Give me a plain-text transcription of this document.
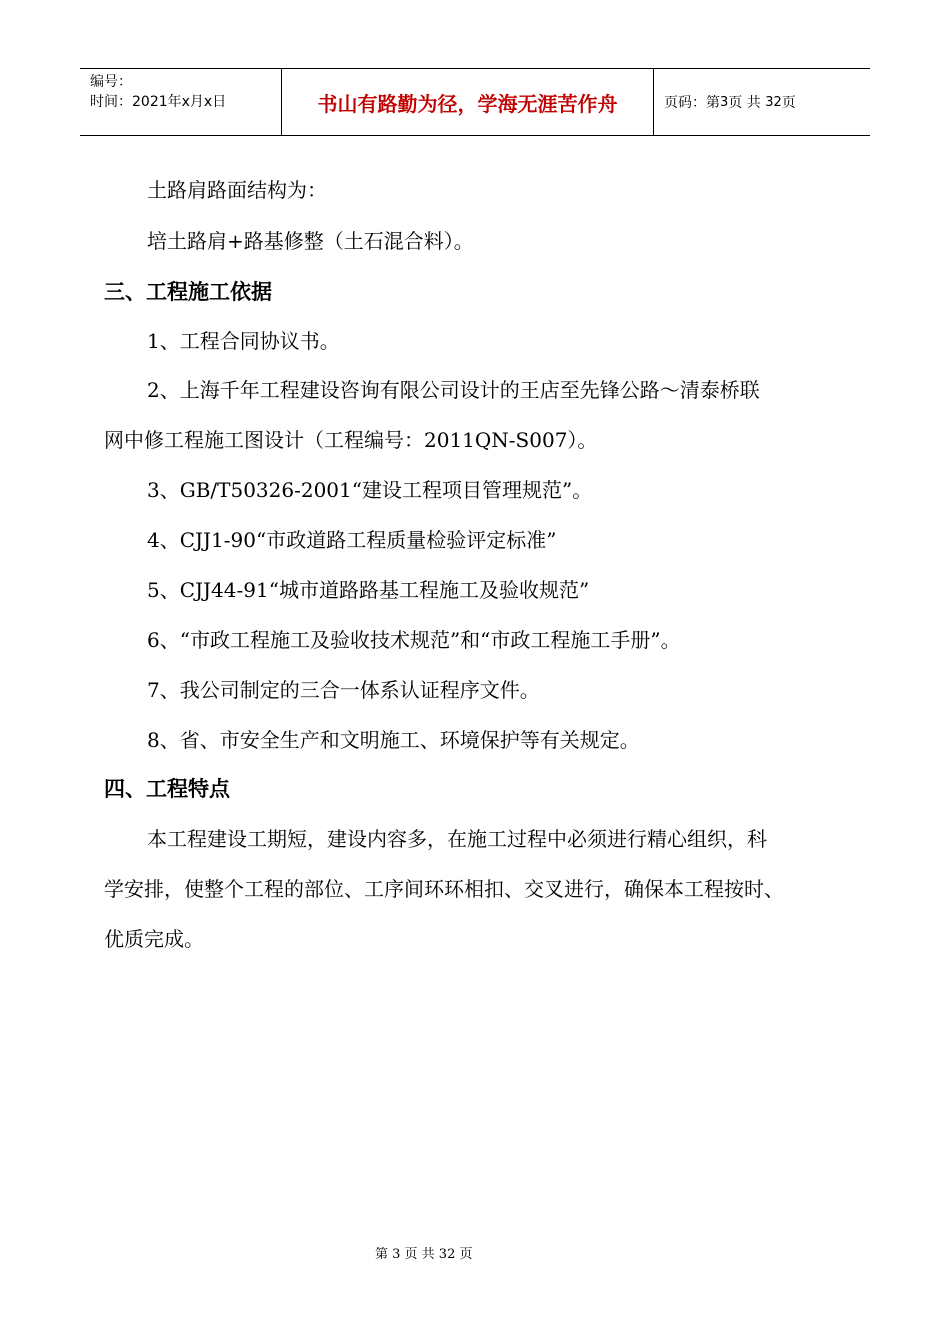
编号：
时间：2021年x月x日	书山有路勤为径，学海无涯苦作舟	页码：第 3 页 共
32 页
土路肩路面结构为：
培土路肩+路基修整（土石混合料）。
三、工程施工依据
1、工程合同协议书。
2、上海千年工程建设咨询有限公司设计的王店至先锋公路～清泰桥联
网中修工程施工图设计（工程编号：2011QN-S007）。
3、GB/T50326-2001“建设工程项目管理规范”。
4、CJJ1-90“市政道路工程质量检验评定标准”
5、CJJ44-91“城市道路路基工程施工及验收规范”
6、“市政工程施工及验收技术规范”和“市政工程施工手册”。
7、我公司制定的三合一体系认证程序文件。
8、省、市安全生产和文明施工、环境保护等有关规定。
四、工程特点
本工程建设工期短，建设内容多，在施工过程中必须进行精心组织，科
学安排，使整个工程的部位、工序间环环相扣、交叉进行，确保本工程按时、
优质完成。
第 3 页 共 32 页
